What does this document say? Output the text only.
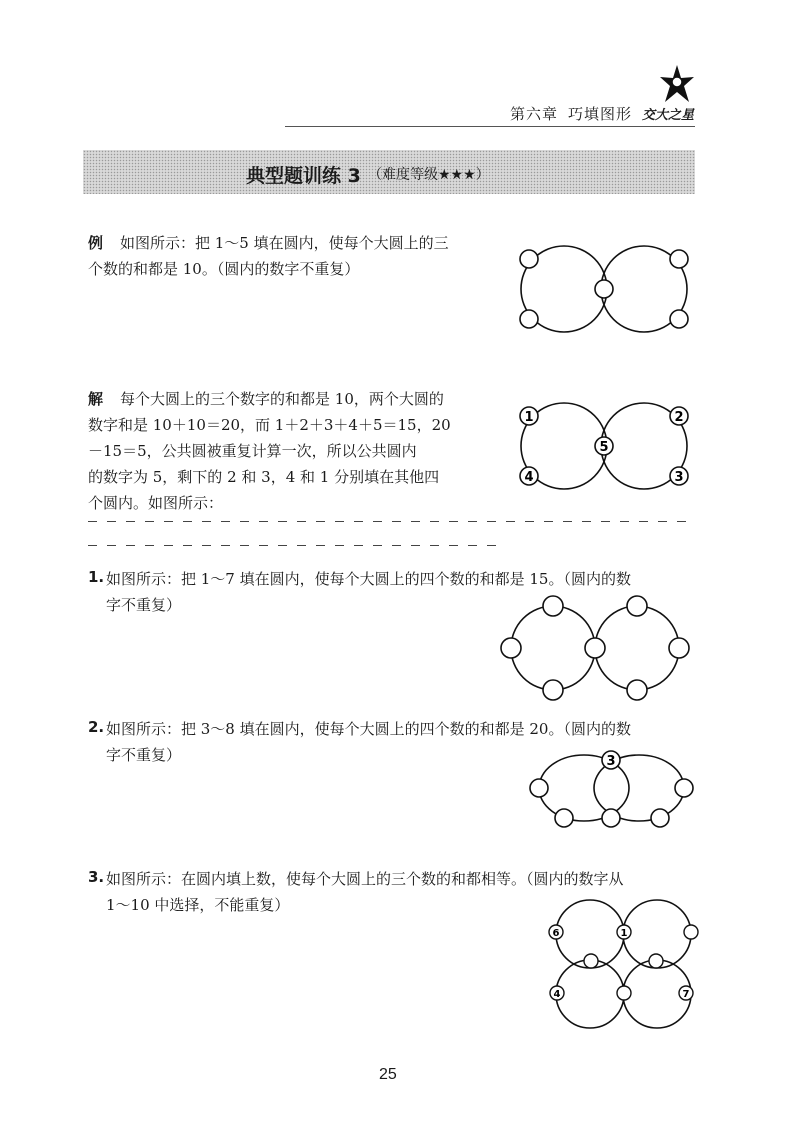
第六章 巧填图形 交大之星
典型题训练 3 （难度等级★★★）
例 如图所示：把 1～5 填在圆内，使每个大圆上的三
个数的和都是 10。（圆内的数字不重复）
解 每个大圆上的三个数字的和都是 10，两个大圆的
数字和是 10＋10＝20，而 1＋2＋3＋4＋5＝15，20
－15＝5，公共圆被重复计算一次，所以公共圆内
的数字为 5，剩下的 2 和 3，4 和 1 分别填在其他四
个圆内。如图所示：
1	2
5
4	3
1. 如图所示：把 1～7 填在圆内，使每个大圆上的四个数的和都是 15。（圆内的数
字不重复）
2. 如图所示：把 3～8 填在圆内，使每个大圆上的四个数的和都是 20。（圆内的数
字不重复）	3
3. 如图所示：在圆内填上数，使每个大圆上的三个数的和都相等。（圆内的数字从
1～10 中选择，不能重复）
6	1
4	7
25
